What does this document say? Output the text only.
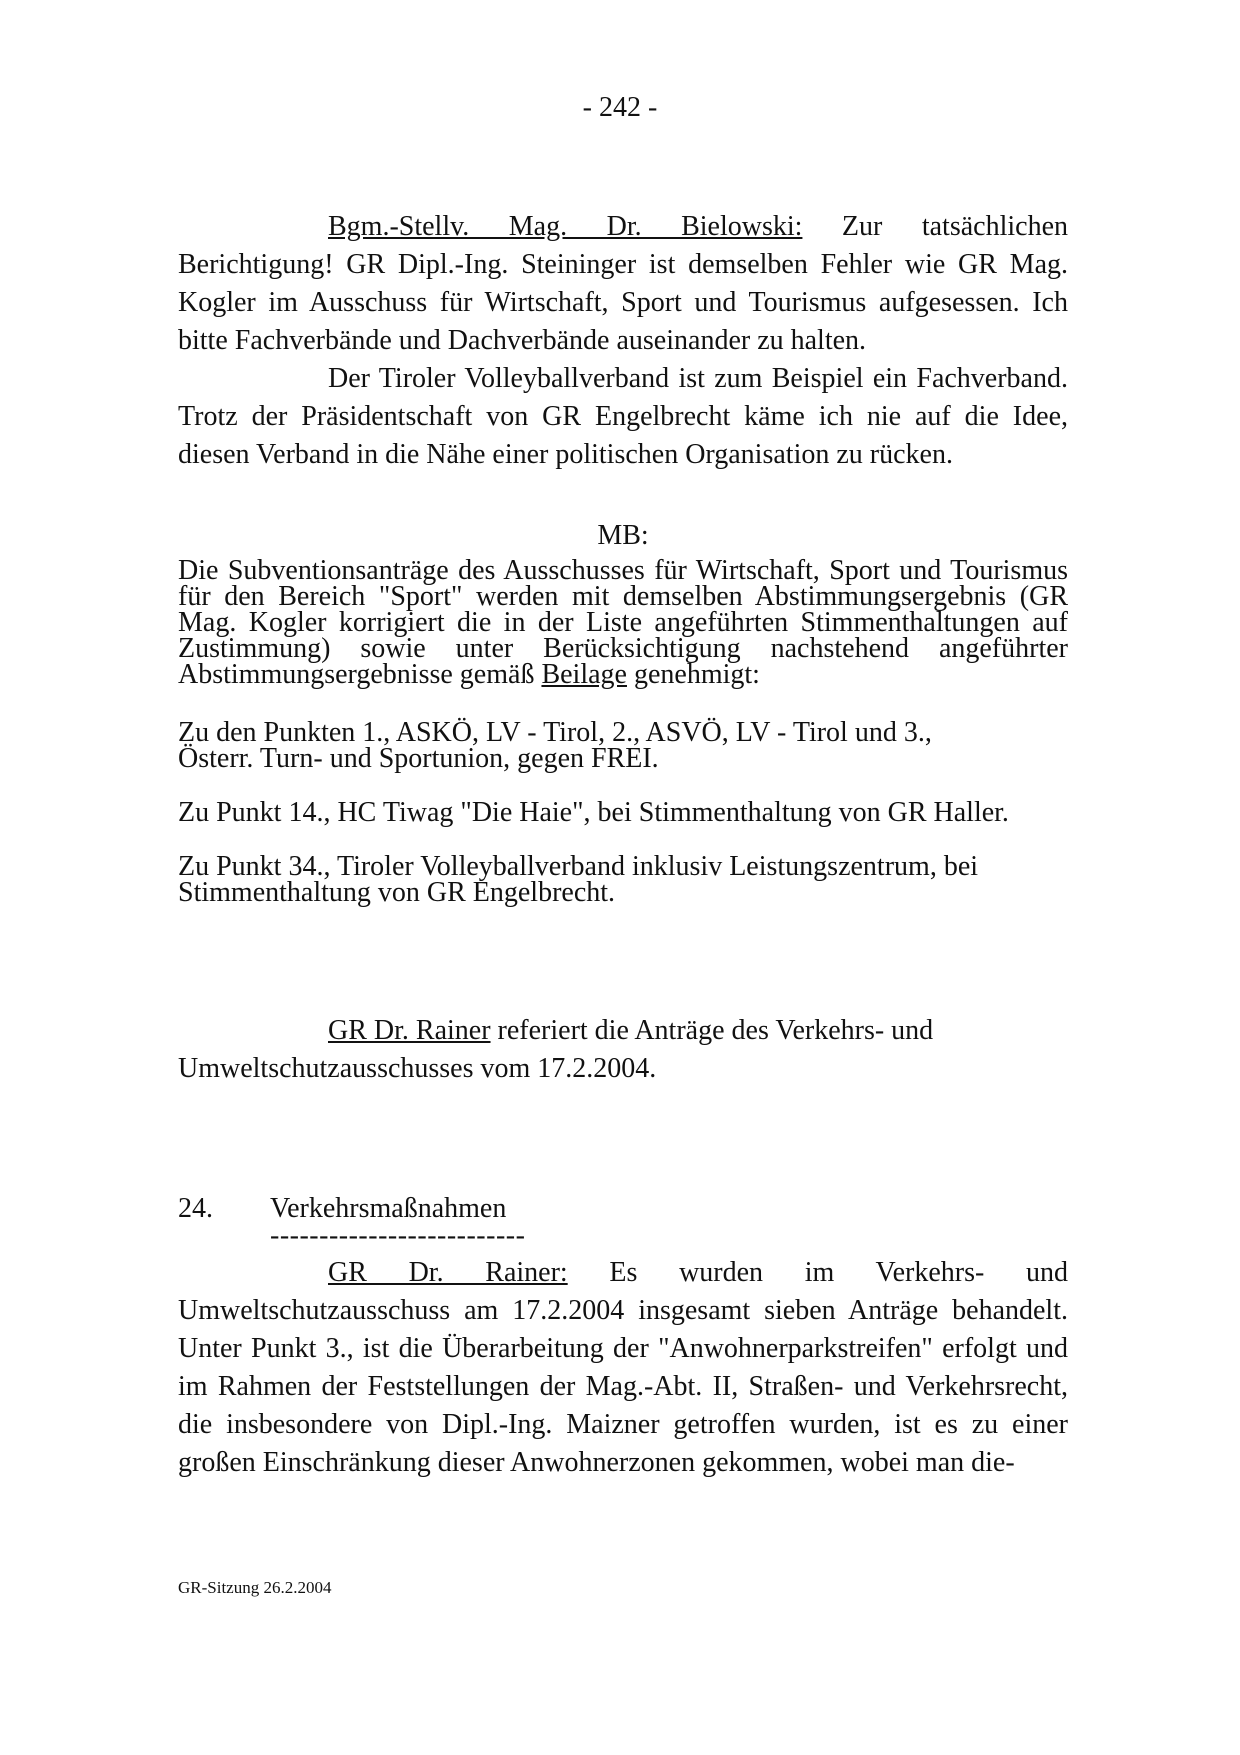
- 242 -

Bgm.-Stellv. Mag. Dr. Bielowski: Zur tatsächlichen Berichtigung! GR Dipl.-Ing. Steininger ist demselben Fehler wie GR Mag. Kogler im Ausschuss für Wirtschaft, Sport und Tourismus aufgesessen. Ich bitte Fachverbände und Dachverbände auseinander zu halten.

Der Tiroler Volleyballverband ist zum Beispiel ein Fachverband. Trotz der Präsidentschaft von GR Engelbrecht käme ich nie auf die Idee, diesen Verband in die Nähe einer politischen Organisation zu rücken.

MB:

Die Subventionsanträge des Ausschusses für Wirtschaft, Sport und Tourismus für den Bereich "Sport" werden mit demselben Abstimmungsergebnis (GR Mag. Kogler korrigiert die in der Liste angeführten Stimmenthaltungen auf Zustimmung) sowie unter Berücksichtigung nachstehend angeführter Abstimmungsergebnisse gemäß Beilage genehmigt:

Zu den Punkten 1., ASKÖ, LV - Tirol, 2., ASVÖ, LV - Tirol und 3., Österr. Turn- und Sportunion, gegen FREI.

Zu Punkt 14., HC Tiwag "Die Haie", bei Stimmenthaltung von GR Haller.

Zu Punkt 34., Tiroler Volleyballverband inklusiv Leistungszentrum, bei Stimmenthaltung von GR Engelbrecht.

GR Dr. Rainer referiert die Anträge des Verkehrs- und Umweltschutzausschusses vom 17.2.2004.

24. Verkehrsmaßnahmen
--------------------------

GR Dr. Rainer: Es wurden im Verkehrs- und Umweltschutzausschuss am 17.2.2004 insgesamt sieben Anträge behandelt. Unter Punkt 3., ist die Überarbeitung der "Anwohnerparkstreifen" erfolgt und im Rahmen der Feststellungen der Mag.-Abt. II, Straßen- und Verkehrsrecht, die insbesondere von Dipl.-Ing. Maizner getroffen wurden, ist es zu einer großen Einschränkung dieser Anwohnerzonen gekommen, wobei man die-

GR-Sitzung 26.2.2004
